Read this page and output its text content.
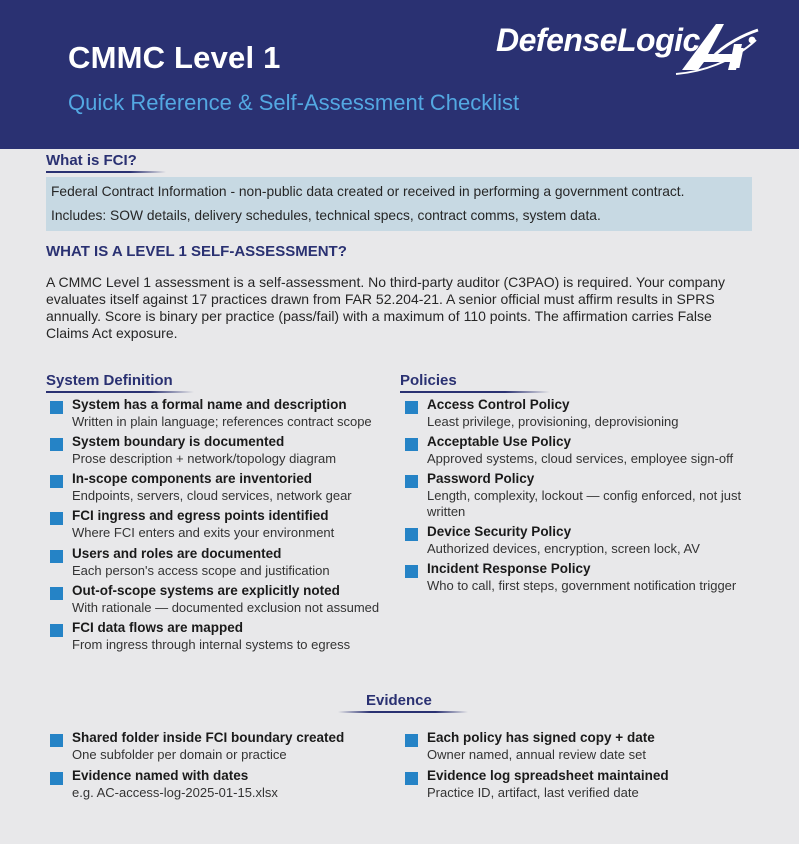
CMMC Level 1
Quick Reference & Self-Assessment Checklist
DefenseLogic
What is FCI?
Federal Contract Information - non-public data created or received in performing a government contract.
Includes: SOW details, delivery schedules, technical specs, contract comms, system data.
WHAT IS A LEVEL 1 SELF-ASSESSMENT?
A CMMC Level 1 assessment is a self-assessment. No third-party auditor (C3PAO) is required. Your company evaluates itself against 17 practices drawn from FAR 52.204-21. A senior official must affirm results in SPRS annually. Score is binary per practice (pass/fail) with a maximum of 110 points. The affirmation carries False Claims Act exposure.
System Definition
System has a formal name and description
Written in plain language; references contract scope
System boundary is documented
Prose description + network/topology diagram
In-scope components are inventoried
Endpoints, servers, cloud services, network gear
FCI ingress and egress points identified
Where FCI enters and exits your environment
Users and roles are documented
Each person's access scope and justification
Out-of-scope systems are explicitly noted
With rationale — documented exclusion not assumed
FCI data flows are mapped
From ingress through internal systems to egress
Policies
Access Control Policy
Least privilege, provisioning, deprovisioning
Acceptable Use Policy
Approved systems, cloud services, employee sign-off
Password Policy
Length, complexity, lockout — config enforced, not just written
Device Security Policy
Authorized devices, encryption, screen lock, AV
Incident Response Policy
Who to call, first steps, government notification trigger
Evidence
Shared folder inside FCI boundary created
One subfolder per domain or practice
Evidence named with dates
e.g. AC-access-log-2025-01-15.xlsx
Each policy has signed copy + date
Owner named, annual review date set
Evidence log spreadsheet maintained
Practice ID, artifact, last verified date
